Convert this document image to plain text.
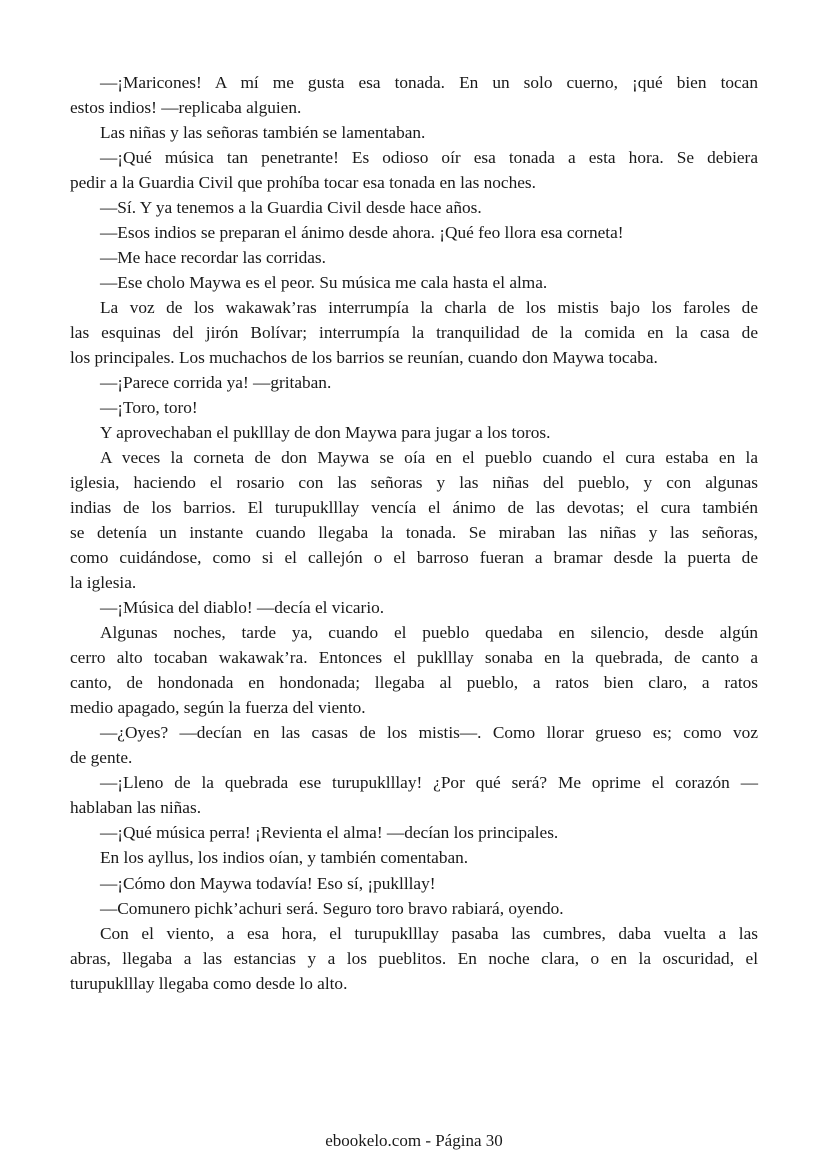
—¡Maricones! A mí me gusta esa tonada. En un solo cuerno, ¡qué bien tocan
estos indios! —replicaba alguien.
Las niñas y las señoras también se lamentaban.
—¡Qué música tan penetrante! Es odioso oír esa tonada a esta hora. Se debiera
pedir a la Guardia Civil que prohíba tocar esa tonada en las noches.
—Sí. Y ya tenemos a la Guardia Civil desde hace años.
—Esos indios se preparan el ánimo desde ahora. ¡Qué feo llora esa corneta!
—Me hace recordar las corridas.
—Ese cholo Maywa es el peor. Su música me cala hasta el alma.
La voz de los wakawak’ras interrumpía la charla de los mistis bajo los faroles de
las esquinas del jirón Bolívar; interrumpía la tranquilidad de la comida en la casa de
los principales. Los muchachos de los barrios se reunían, cuando don Maywa tocaba.
—¡Parece corrida ya! —gritaban.
—¡Toro, toro!
Y aprovechaban el puklllay de don Maywa para jugar a los toros.
A veces la corneta de don Maywa se oía en el pueblo cuando el cura estaba en la
iglesia, haciendo el rosario con las señoras y las niñas del pueblo, y con algunas
indias de los barrios. El turupuklllay vencía el ánimo de las devotas; el cura también
se detenía un instante cuando llegaba la tonada. Se miraban las niñas y las señoras,
como cuidándose, como si el callejón o el barroso fueran a bramar desde la puerta de
la iglesia.
—¡Música del diablo! —decía el vicario.
Algunas noches, tarde ya, cuando el pueblo quedaba en silencio, desde algún
cerro alto tocaban wakawak’ra. Entonces el puklllay sonaba en la quebrada, de canto a
canto, de hondonada en hondonada; llegaba al pueblo, a ratos bien claro, a ratos
medio apagado, según la fuerza del viento.
—¿Oyes? —decían en las casas de los mistis—. Como llorar grueso es; como voz
de gente.
—¡Lleno de la quebrada ese turupuklllay! ¿Por qué será? Me oprime el corazón —
hablaban las niñas.
—¡Qué música perra! ¡Revienta el alma! —decían los principales.
En los ayllus, los indios oían, y también comentaban.
—¡Cómo don Maywa todavía! Eso sí, ¡puklllay!
—Comunero pichk’achuri será. Seguro toro bravo rabiará, oyendo.
Con el viento, a esa hora, el turupuklllay pasaba las cumbres, daba vuelta a las
abras, llegaba a las estancias y a los pueblitos. En noche clara, o en la oscuridad, el
turupuklllay llegaba como desde lo alto.
ebookelo.com - Página 30
